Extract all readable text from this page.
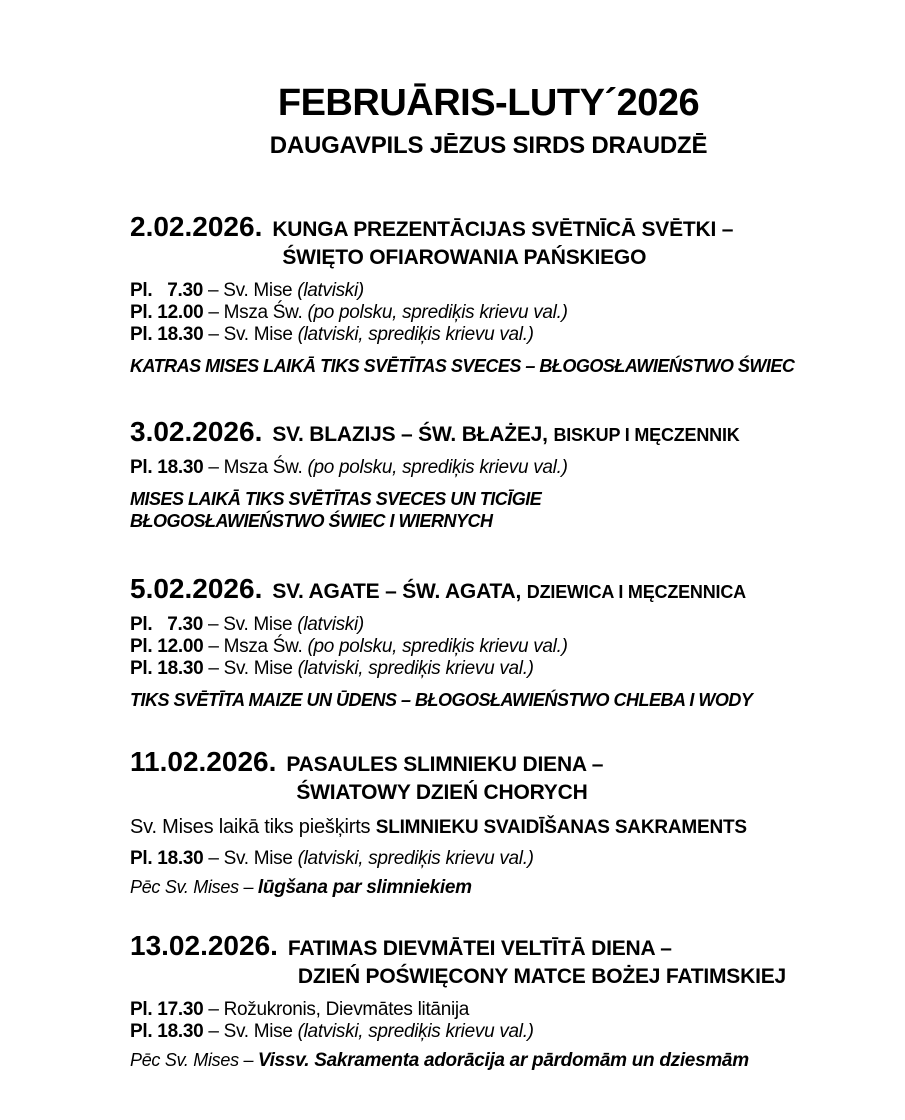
FEBRUĀRIS-LUTY´2026
DAUGAVPILS JĒZUS SIRDS DRAUDZĒ
2.02.2026. KUNGA PREZENTĀCIJAS SVĒTNĪCĀ SVĒTKI –
ŚWIĘTO OFIAROWANIA PAŃSKIEGO
Pl.   7.30 – Sv. Mise (latviski)
Pl. 12.00 – Msza Św. (po polsku, sprediķis krievu val.)
Pl. 18.30 – Sv. Mise (latviski, sprediķis krievu val.)
KATRAS MISES LAIKĀ TIKS SVĒTĪTAS SVECES – BŁOGOSŁAWIEŃSTWO ŚWIEC
3.02.2026. SV. BLAZIJS – ŚW. BŁAŻEJ, BISKUP I MĘCZENNIK
Pl. 18.30 – Msza Św. (po polsku, sprediķis krievu val.)
MISES LAIKĀ TIKS SVĒTĪTAS SVECES UN TICĪGIE
BŁOGOSŁAWIEŃSTWO ŚWIEC I WIERNYCH
5.02.2026. SV. AGATE – ŚW. AGATA, DZIEWICA I MĘCZENNICA
Pl.   7.30 – Sv. Mise (latviski)
Pl. 12.00 – Msza Św. (po polsku, sprediķis krievu val.)
Pl. 18.30 – Sv. Mise (latviski, sprediķis krievu val.)
TIKS SVĒTĪTA MAIZE UN ŪDENS – BŁOGOSŁAWIEŃSTWO CHLEBA I WODY
11.02.2026. PASAULES SLIMNIEKU DIENA –
ŚWIATOWY DZIEŃ CHORYCH
Sv. Mises laikā tiks piešķirts SLIMNIEKU SVAIDĪŠANAS SAKRAMENTS
Pl. 18.30 – Sv. Mise (latviski, sprediķis krievu val.)
Pēc Sv. Mises – lūgšana par slimniekiem
13.02.2026. FATIMAS DIEVMĀTEI VELTĪTĀ DIENA –
DZIEŃ POŚWIĘCONY MATCE BOŻEJ FATIMSKIEJ
Pl. 17.30 – Rožukronis, Dievmātes litānija
Pl. 18.30 – Sv. Mise (latviski, sprediķis krievu val.)
Pēc Sv. Mises – Vissv. Sakramenta adorācija ar pārdomām un dziesmām
